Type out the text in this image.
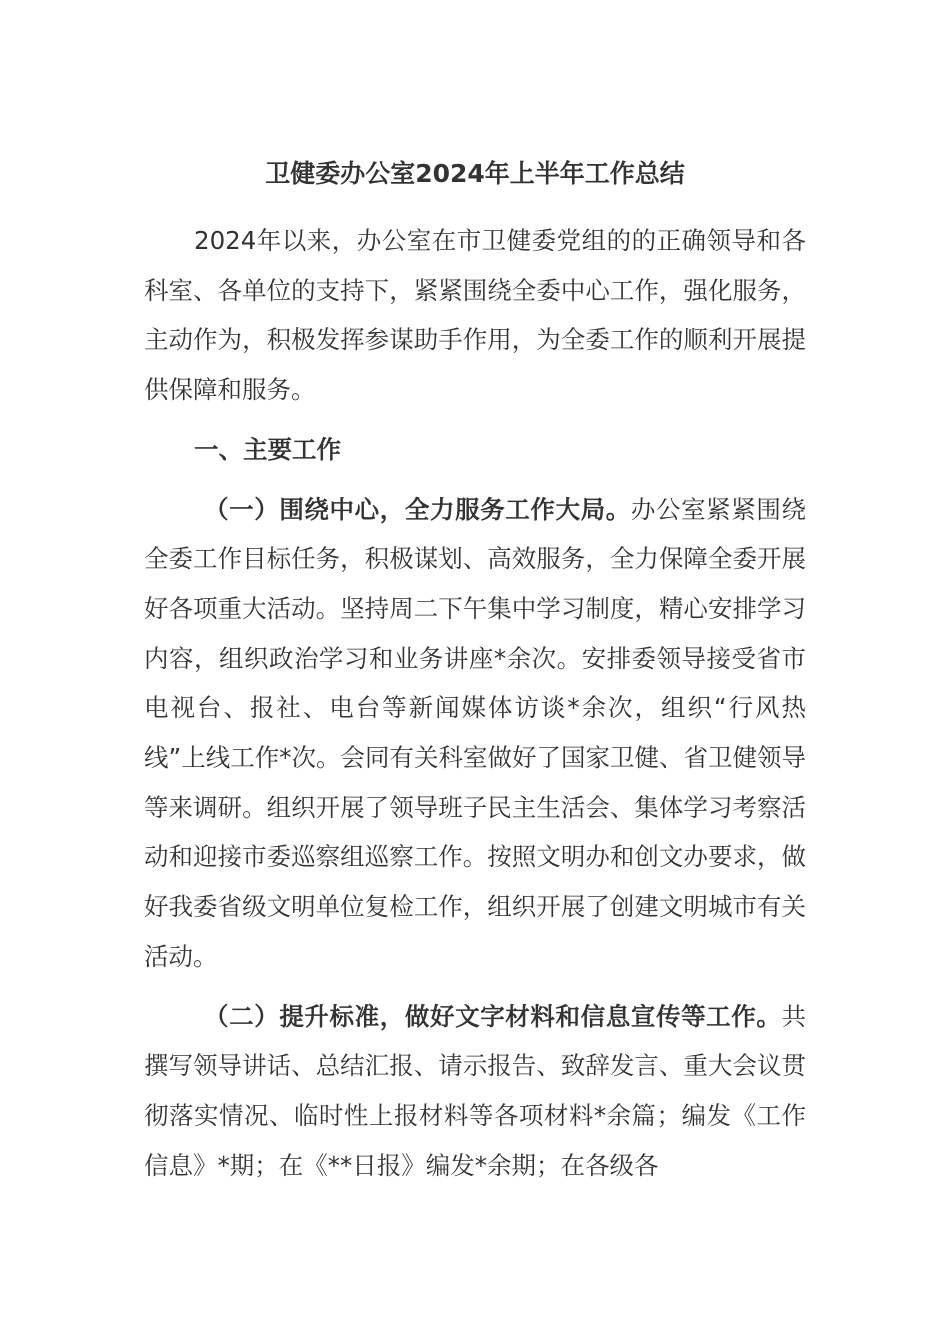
卫健委办公室2024年上半年工作总结

2024年以来，办公室在市卫健委党组的的正确领导和各科室、各单位的支持下，紧紧围绕全委中心工作，强化服务，主动作为，积极发挥参谋助手作用，为全委工作的顺利开展提供保障和服务。

一、主要工作

（一）围绕中心，全力服务工作大局。办公室紧紧围绕全委工作目标任务，积极谋划、高效服务，全力保障全委开展好各项重大活动。坚持周二下午集中学习制度，精心安排学习内容，组织政治学习和业务讲座*余次。安排委领导接受省市电视台、报社、电台等新闻媒体访谈*余次，组织“行风热线”上线工作*次。会同有关科室做好了国家卫健、省卫健领导等来调研。组织开展了领导班子民主生活会、集体学习考察活动和迎接市委巡察组巡察工作。按照文明办和创文办要求，做好我委省级文明单位复检工作，组织开展了创建文明城市有关活动。

（二）提升标准，做好文字材料和信息宣传等工作。共撰写领导讲话、总结汇报、请示报告、致辞发言、重大会议贯彻落实情况、临时性上报材料等各项材料*余篇；编发《工作信息》*期；在《**日报》编发*余期；在各级各
